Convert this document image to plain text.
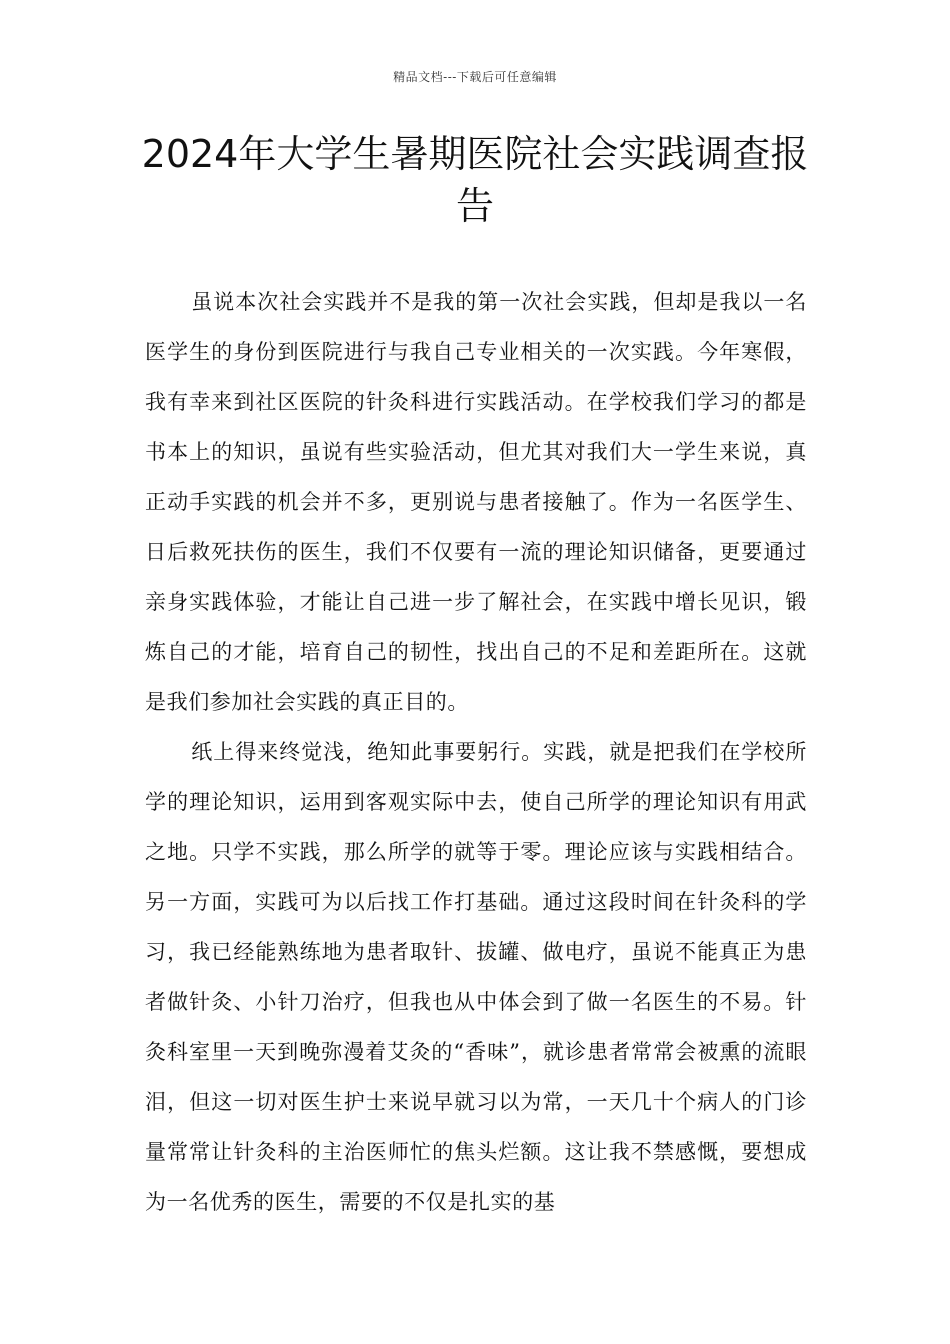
精品文档---下载后可任意编辑
2024年大学生暑期医院社会实践调查报告

虽说本次社会实践并不是我的第一次社会实践，但却是我以一名医学生的身份到医院进行与我自己专业相关的一次实践。今年寒假，我有幸来到社区医院的针灸科进行实践活动。在学校我们学习的都是书本上的知识，虽说有些实验活动，但尤其对我们大一学生来说，真正动手实践的机会并不多，更别说与患者接触了。作为一名医学生、日后救死扶伤的医生，我们不仅要有一流的理论知识储备，更要通过亲身实践体验，才能让自己进一步了解社会，在实践中增长见识，锻炼自己的才能，培育自己的韧性，找出自己的不足和差距所在。这就是我们参加社会实践的真正目的。

纸上得来终觉浅，绝知此事要躬行。实践，就是把我们在学校所学的理论知识，运用到客观实际中去，使自己所学的理论知识有用武之地。只学不实践，那么所学的就等于零。理论应该与实践相结合。另一方面，实践可为以后找工作打基础。通过这段时间在针灸科的学习，我已经能熟练地为患者取针、拔罐、做电疗，虽说不能真正为患者做针灸、小针刀治疗，但我也从中体会到了做一名医生的不易。针灸科室里一天到晚弥漫着艾灸的“香味”，就诊患者常常会被熏的流眼泪，但这一切对医生护士来说早就习以为常，一天几十个病人的门诊量常常让针灸科的主治医师忙的焦头烂额。这让我不禁感慨，要想成为一名优秀的医生，需要的不仅是扎实的基
